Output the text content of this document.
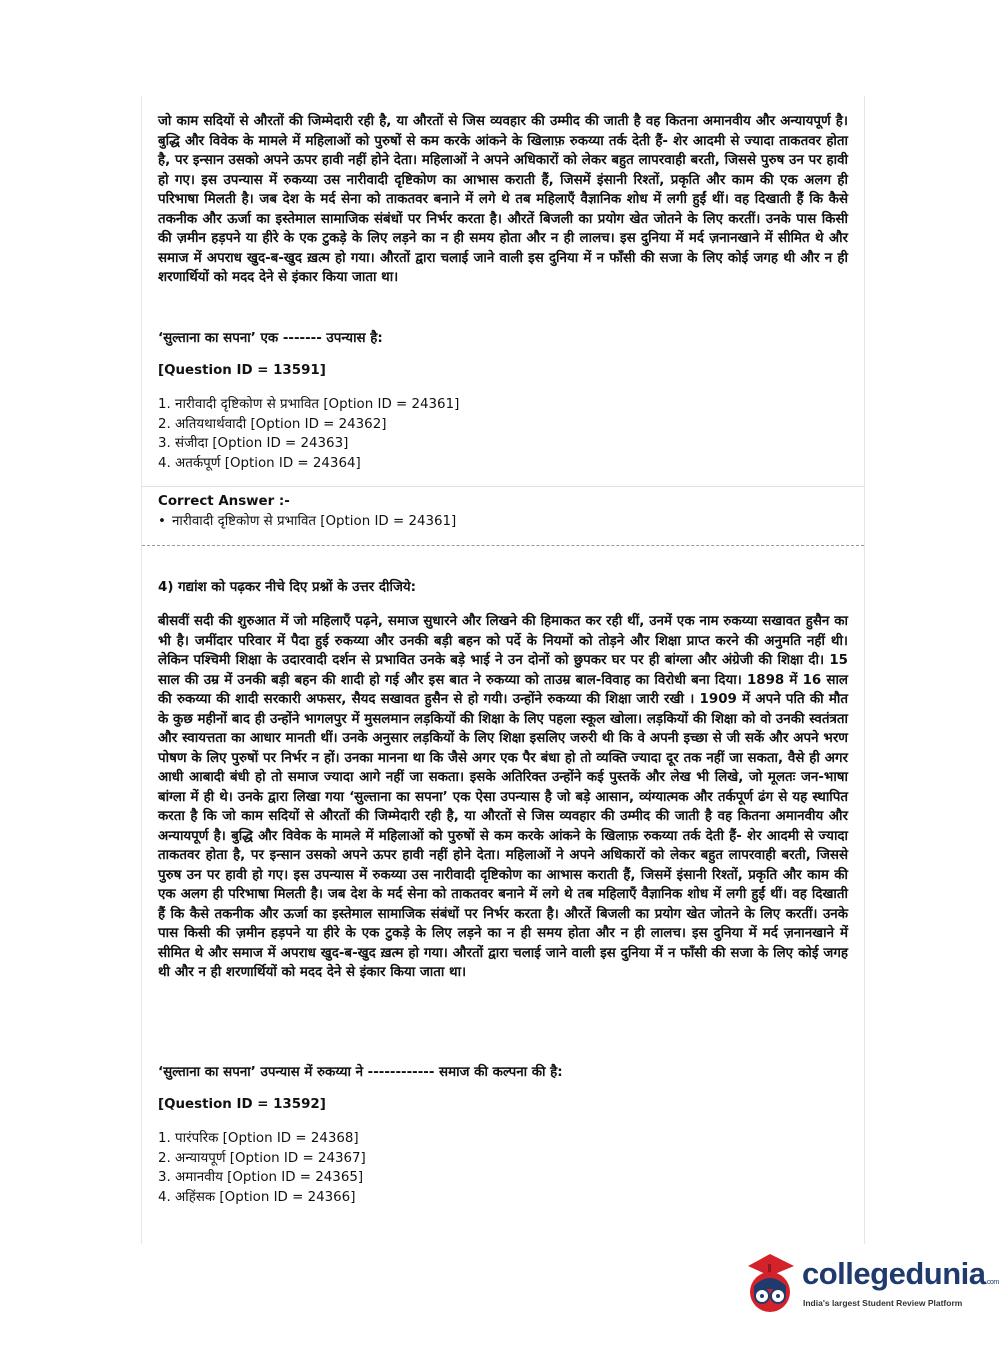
जो काम सदियों से औरतों की जिम्मेदारी रही है, या औरतों से जिस व्यवहार की उम्मीद की जाती है वह कितना अमानवीय और अन्यायपूर्ण है। बुद्धि और विवेक के मामले में महिलाओं को पुरुषों से कम करके आंकने के खिलाफ़ रुकय्या तर्क देती हैं- शेर आदमी से ज्यादा ताकतवर होता है, पर इन्सान उसको अपने ऊपर हावी नहीं होने देता। महिलाओं ने अपने अधिकारों को लेकर बहुत लापरवाही बरती, जिससे पुरुष उन पर हावी हो गए। इस उपन्यास में रुकय्या उस नारीवादी दृष्टिकोण का आभास कराती हैं, जिसमें इंसानी रिश्तों, प्रकृति और काम की एक अलग ही परिभाषा मिलती है। जब देश के मर्द सेना को ताकतवर बनाने में लगे थे तब महिलाएँ वैज्ञानिक शोध में लगी हुईं थीं। वह दिखाती हैं कि कैसे तकनीक और ऊर्जा का इस्तेमाल सामाजिक संबंधों पर निर्भर करता है। औरतें बिजली का प्रयोग खेत जोतने के लिए करतीं। उनके पास किसी की ज़मीन हड़पने या हीरे के एक टुकड़े के लिए लड़ने का न ही समय होता और न ही लालच। इस दुनिया में मर्द ज़नानखाने में सीमित थे और समाज में अपराध खुद-ब-खुद ख़त्म हो गया। औरतों द्वारा चलाई जाने वाली इस दुनिया में न फाँसी की सजा के लिए कोई जगह थी और न ही शरणार्थियों को मदद देने से इंकार किया जाता था।
‘सुल्ताना का सपना’ एक ------- उपन्यास है:
[Question ID = 13591]
1. नारीवादी दृष्टिकोण से प्रभावित [Option ID = 24361]
2. अतियथार्थवादी [Option ID = 24362]
3. संजीदा [Option ID = 24363]
4. अतर्कपूर्ण [Option ID = 24364]
Correct Answer :-
• नारीवादी दृष्टिकोण से प्रभावित [Option ID = 24361]
4) गद्यांश को पढ़कर नीचे दिए प्रश्नों के उत्तर दीजिये:
बीसवीं सदी की शुरुआत में जो महिलाएँ पढ़ने, समाज सुधारने और लिखने की हिमाकत कर रही थीं, उनमें एक नाम रुकय्या सखावत हुसैन का भी है। जमींदार परिवार में पैदा हुई रुकय्या और उनकी बड़ी बहन को पर्दे के नियमों को तोड़ने और शिक्षा प्राप्त करने की अनुमति नहीं थी। लेकिन पश्चिमी शिक्षा के उदारवादी दर्शन से प्रभावित उनके बड़े भाई ने उन दोनों को छुपकर घर पर ही बांग्ला और अंग्रेजी की शिक्षा दी। 15 साल की उम्र में उनकी बड़ी बहन की शादी हो गई और इस बात ने रुकय्या को ताउम्र बाल-विवाह का विरोधी बना दिया। 1898 में 16 साल की रुकय्या की शादी सरकारी अफसर, सैयद सखावत हुसैन से हो गयी। उन्होंने रुकय्या की शिक्षा जारी रखी । 1909 में अपने पति की मौत के कुछ महीनों बाद ही उन्होंने भागलपुर में मुसलमान लड़कियों की शिक्षा के लिए पहला स्कूल खोला। लड़कियों की शिक्षा को वो उनकी स्वतंत्रता और स्वायत्तता का आधार मानती थीं। उनके अनुसार लड़कियों के लिए शिक्षा इसलिए जरुरी थी कि वे अपनी इच्छा से जी सकें और अपने भरण पोषण के लिए पुरुषों पर निर्भर न हों। उनका मानना था कि जैसे अगर एक पैर बंधा हो तो व्यक्ति ज्यादा दूर तक नहीं जा सकता, वैसे ही अगर आधी आबादी बंधी हो तो समाज ज्यादा आगे नहीं जा सकता। इसके अतिरिक्त उन्होंने कई पुस्तकें और लेख भी लिखे, जो मूलतः जन-भाषा बांग्ला में ही थे। उनके द्वारा लिखा गया ‘सुल्ताना का सपना’ एक ऐसा उपन्यास है जो बड़े आसान, व्यंग्यात्मक और तर्कपूर्ण ढंग से यह स्थापित करता है कि जो काम सदियों से औरतों की जिम्मेदारी रही है, या औरतों से जिस व्यवहार की उम्मीद की जाती है वह कितना अमानवीय और अन्यायपूर्ण है। बुद्धि और विवेक के मामले में महिलाओं को पुरुषों से कम करके आंकने के खिलाफ़ रुकय्या तर्क देती हैं- शेर आदमी से ज्यादा ताकतवर होता है, पर इन्सान उसको अपने ऊपर हावी नहीं होने देता। महिलाओं ने अपने अधिकारों को लेकर बहुत लापरवाही बरती, जिससे पुरुष उन पर हावी हो गए। इस उपन्यास में रुकय्या उस नारीवादी दृष्टिकोण का आभास कराती हैं, जिसमें इंसानी रिश्तों, प्रकृति और काम की एक अलग ही परिभाषा मिलती है। जब देश के मर्द सेना को ताकतवर बनाने में लगे थे तब महिलाएँ वैज्ञानिक शोध में लगी हुईं थीं। वह दिखाती हैं कि कैसे तकनीक और ऊर्जा का इस्तेमाल सामाजिक संबंधों पर निर्भर करता है। औरतें बिजली का प्रयोग खेत जोतने के लिए करतीं। उनके पास किसी की ज़मीन हड़पने या हीरे के एक टुकड़े के लिए लड़ने का न ही समय होता और न ही लालच। इस दुनिया में मर्द ज़नानखाने में सीमित थे और समाज में अपराध खुद-ब-खुद ख़त्म हो गया। औरतों द्वारा चलाई जाने वाली इस दुनिया में न फाँसी की सजा के लिए कोई जगह थी और न ही शरणार्थियों को मदद देने से इंकार किया जाता था।
‘सुल्ताना का सपना’ उपन्यास में रुकय्या ने ------------ समाज की कल्पना की है:
[Question ID = 13592]
1. पारंपरिक [Option ID = 24368]
2. अन्यायपूर्ण [Option ID = 24367]
3. अमानवीय [Option ID = 24365]
4. अहिंसक [Option ID = 24366]
collegedunia.com
India's largest Student Review Platform
